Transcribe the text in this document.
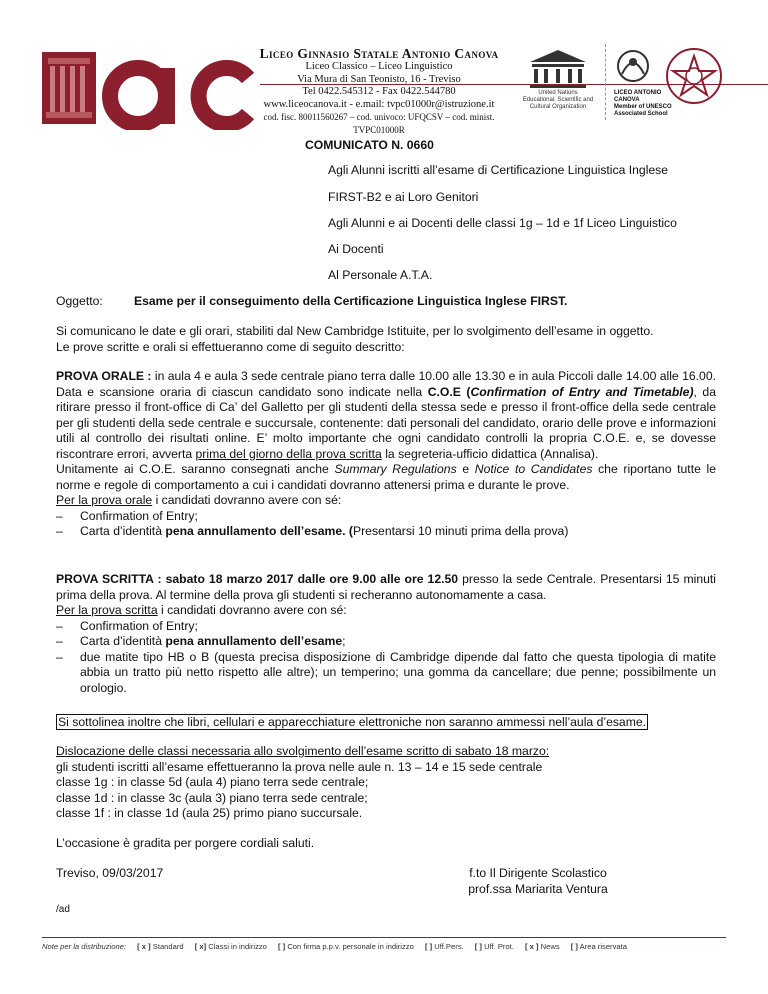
Liceo Ginnasio Statale Antonio Canova
Liceo Classico – Liceo Linguistico
Via Mura di San Teonisto, 16 - Treviso
Tel 0422.545312 - Fax 0422.544780
www.liceocanova.it - e.mail: tvpc01000r@istruzione.it
cod. fisc. 80011560267 – cod. univoco: UFQCSV – cod. minist. TVPC01000R
United Nations
Educational, Scientific and
Cultural Organization
LICEO ANTONIO CANOVA
Member of UNESCO
Associated School
COMUNICATO N. 0660
Agli Alunni iscritti all’esame di Certificazione Linguistica Inglese
FIRST-B2 e ai Loro Genitori
Agli Alunni e ai Docenti delle classi 1g – 1d e 1f Liceo Linguistico
Ai Docenti
Al Personale A.T.A.
Oggetto:	Esame per il conseguimento della Certificazione Linguistica Inglese FIRST.
Si comunicano le date e gli orari, stabiliti dal New Cambridge Istituite, per lo svolgimento dell’esame in oggetto.
Le prove scritte e orali si effettueranno come di seguito descritto:
PROVA ORALE : in aula 4 e aula 3 sede centrale piano terra dalle 10.00 alle 13.30 e in aula Piccoli dalle 14.00 alle 16.00. Data e scansione oraria di ciascun candidato sono indicate nella C.O.E (Confirmation of Entry and Timetable), da ritirare presso il front-office di Ca’ del Galletto per gli studenti della stessa sede e presso il front-office della sede centrale per gli studenti della sede centrale e succursale, contenente: dati personali del candidato, orario delle prove e informazioni utili al controllo dei risultati online. E’ molto importante che ogni candidato controlli la propria C.O.E. e, se dovesse riscontrare errori, avverta prima del giorno della prova scritta la segreteria-ufficio didattica (Annalisa).
Unitamente ai C.O.E. saranno consegnati anche Summary Regulations e Notice to Candidates che riportano tutte le norme e regole di comportamento a cui i candidati dovranno attenersi prima e durante le prove.
Per la prova orale i candidati dovranno avere con sé:
– Confirmation of Entry;
– Carta d’identità pena annullamento dell’esame. (Presentarsi 10 minuti prima della prova)
PROVA SCRITTA : sabato 18 marzo 2017 dalle ore 9.00 alle ore 12.50 presso la sede Centrale. Presentarsi 15 minuti prima della prova. Al termine della prova gli studenti si recheranno autonomamente a casa.
Per la prova scritta i candidati dovranno avere con sé:
– Confirmation of Entry;
– Carta d’identità pena annullamento dell’esame;
–	due matite tipo HB o B (questa precisa disposizione di Cambridge dipende dal fatto che questa tipologia di matite abbia un tratto più netto rispetto alle altre); un temperino; una gomma da cancellare; due penne; possibilmente un orologio.
Si sottolinea inoltre che libri, cellulari e apparecchiature elettroniche non saranno ammessi nell’aula d’esame.
Dislocazione delle classi necessaria allo svolgimento dell’esame scritto di sabato 18 marzo:
gli studenti iscritti all’esame effettueranno la prova nelle aule n. 13 – 14 e 15 sede centrale
classe 1g : in classe 5d (aula 4) piano terra sede centrale;
classe 1d : in classe 3c (aula 3) piano terra sede centrale;
classe 1f : in classe 1d (aula 25) primo piano succursale.
L’occasione è gradita per porgere cordiali saluti.
Treviso, 09/03/2017	f.to Il Dirigente Scolastico
prof.ssa Mariarita Ventura
/ad
Note per la distribuzione: [ x ] Standard [ x] Classi in indirizzo [ ] Con firma p.p.v. personale in indirizzo [ ] Uff.Pers. [ ] Uff. Prot. [ x ] News [ ] Area riservata
